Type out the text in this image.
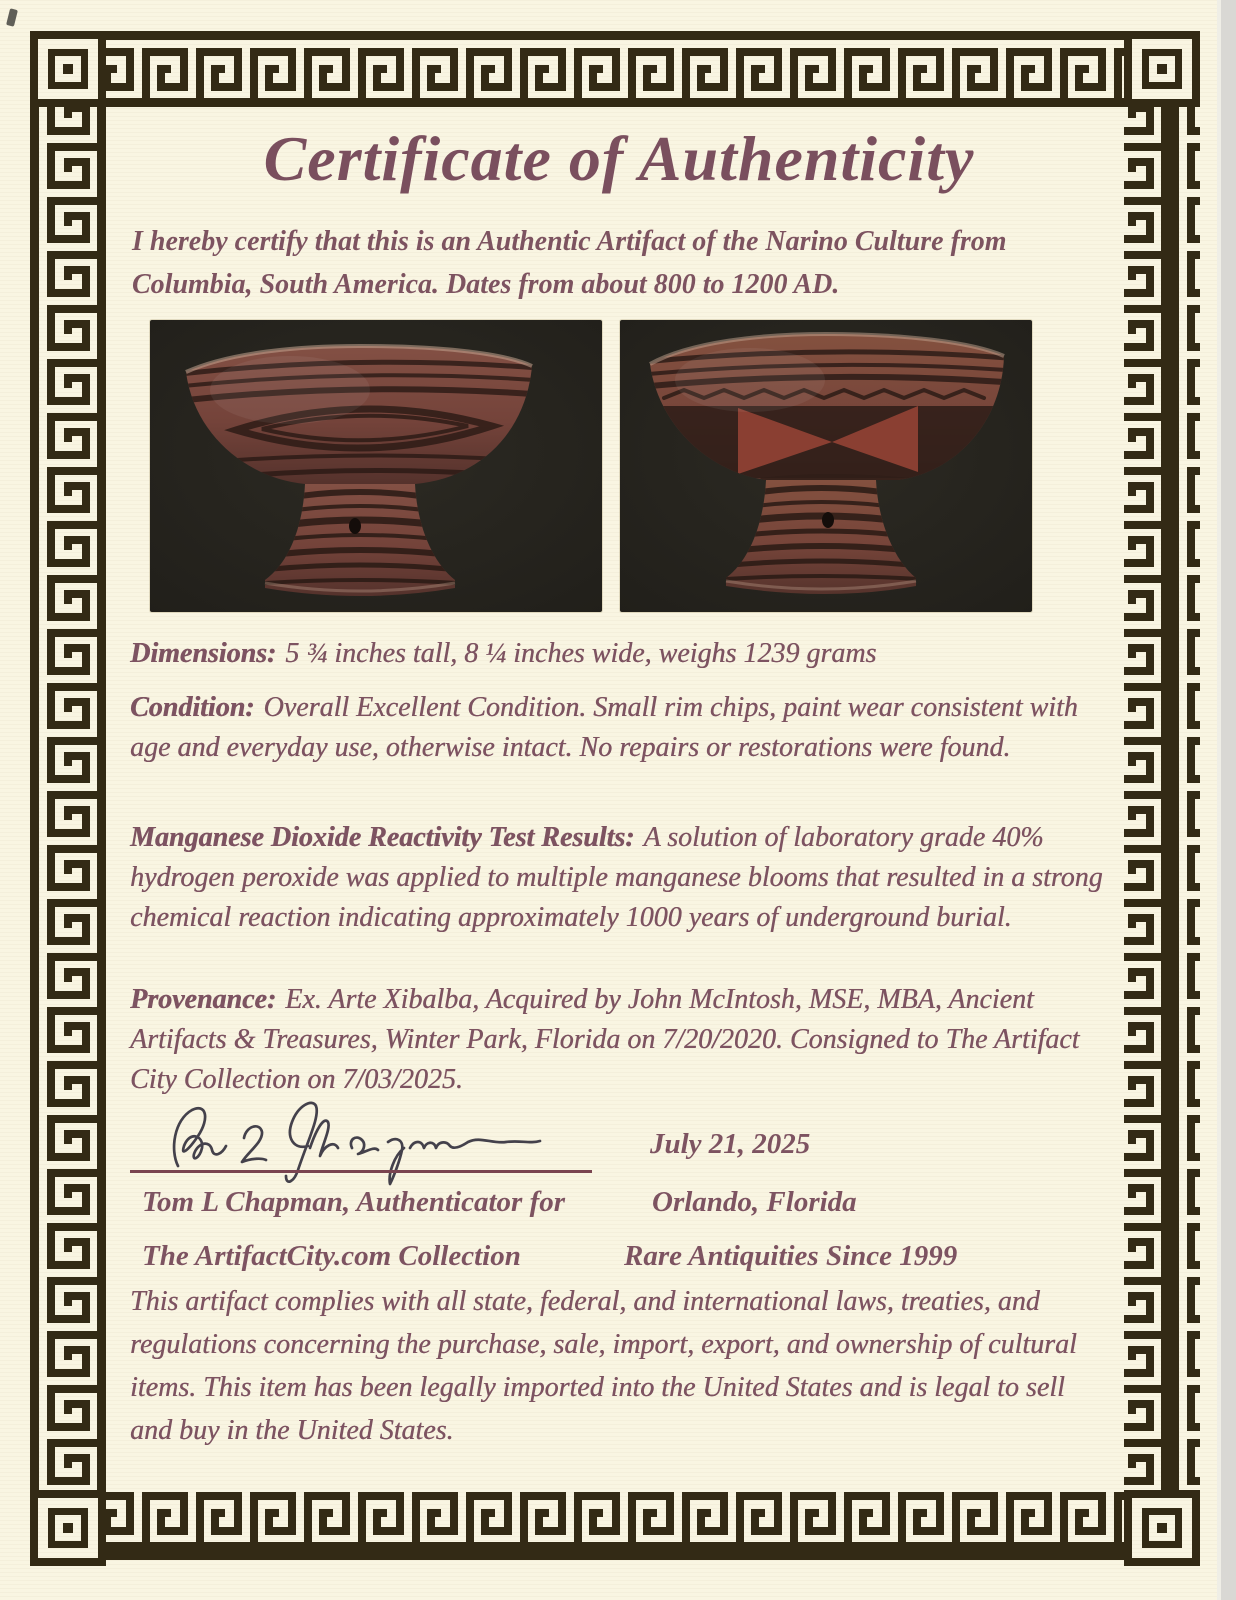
Certificate of Authenticity

I hereby certify that this is an Authentic Artifact of the Narino Culture from Columbia, South America. Dates from about 800 to 1200 AD.

Dimensions: 5 ¾ inches tall, 8 ¼ inches wide, weighs 1239 grams

Condition: Overall Excellent Condition. Small rim chips, paint wear consistent with age and everyday use, otherwise intact. No repairs or restorations were found.

Manganese Dioxide Reactivity Test Results: A solution of laboratory grade 40% hydrogen peroxide was applied to multiple manganese blooms that resulted in a strong chemical reaction indicating approximately 1000 years of underground burial.

Provenance: Ex. Arte Xibalba, Acquired by John McIntosh, MSE, MBA, Ancient Artifacts & Treasures, Winter Park, Florida on 7/20/2020. Consigned to The Artifact City Collection on 7/03/2025.

July 21, 2025
Tom L Chapman, Authenticator for	Orlando, Florida
The ArtifactCity.com Collection	Rare Antiquities Since 1999

This artifact complies with all state, federal, and international laws, treaties, and regulations concerning the purchase, sale, import, export, and ownership of cultural items. This item has been legally imported into the United States and is legal to sell and buy in the United States.
